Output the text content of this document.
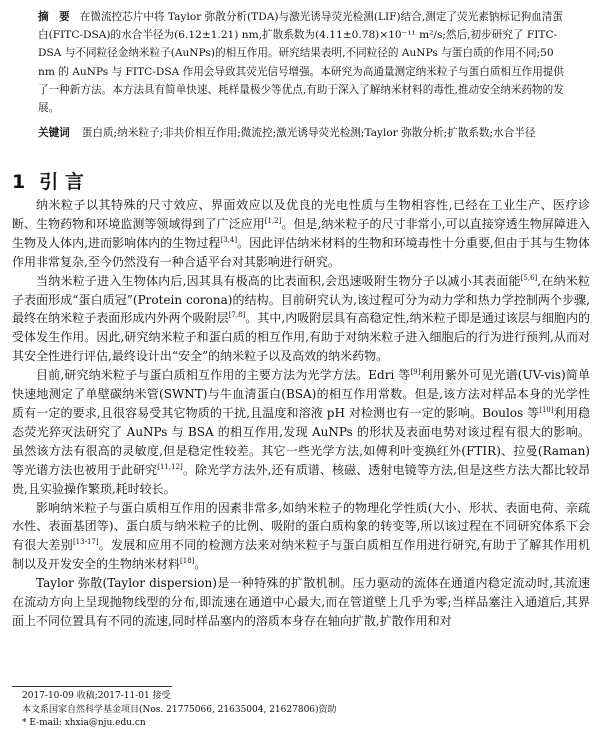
摘　要 在微流控芯片中将 Taylor 弥散分析(TDA)与激光诱导荧光检测(LIF)结合,测定了荧光素钠标记狗血清蛋白(FITC-DSA)的水合半径为(6.12±1.21) nm,扩散系数为(4.11±0.78)×10⁻¹¹ m²/s;然后,初步研究了 FITC-DSA 与不同粒径金纳米粒子(AuNPs)的相互作用。研究结果表明,不同粒径的 AuNPs 与蛋白质的作用不同;50 nm 的 AuNPs 与 FITC-DSA 作用会导致其荧光信号增强。本研究为高通量测定纳米粒子与蛋白质相互作用提供了一种新方法。本方法具有简单快速、耗样量极少等优点,有助于深入了解纳米材料的毒性,推动安全纳米药物的发展。
关键词 蛋白质;纳米粒子;非共价相互作用;微流控;激光诱导荧光检测;Taylor 弥散分析;扩散系数;水合半径
1 引 言

纳米粒子以其特殊的尺寸效应、界面效应以及优良的光电性质与生物相容性,已经在工业生产、医疗诊断、生物药物和环境监测等领域得到了广泛应用[1,2]。但是,纳米粒子的尺寸非常小,可以直接穿透生物屏障进入生物及人体内,进而影响体内的生物过程[3,4]。因此评估纳米材料的生物和环境毒性十分重要,但由于其与生物体作用非常复杂,至今仍然没有一种合适平台对其影响进行研究。

当纳米粒子进入生物体内后,因其具有极高的比表面积,会迅速吸附生物分子以减小其表面能[5,6],在纳米粒子表面形成“蛋白质冠”(Protein corona)的结构。目前研究认为,该过程可分为动力学和热力学控制两个步骤,最终在纳米粒子表面形成内外两个吸附层[7,8]。其中,内吸附层具有高稳定性,纳米粒子即是通过该层与细胞内的受体发生作用。因此,研究纳米粒子和蛋白质的相互作用,有助于对纳米粒子进入细胞后的行为进行预判,从而对其安全性进行评估,最终设计出“安全”的纳米粒子以及高效的纳米药物。

目前,研究纳米粒子与蛋白质相互作用的主要方法为光学方法。Edri 等[9]利用紫外可见光谱(UV-vis)简单快速地测定了单壁碳纳米管(SWNT)与牛血清蛋白(BSA)的相互作用常数。但是,该方法对样品本身的光学性质有一定的要求,且很容易受其它物质的干扰,且温度和溶液 pH 对检测也有一定的影响。Boulos 等[10]利用稳态荧光猝灭法研究了 AuNPs 与 BSA 的相互作用,发现 AuNPs 的形状及表面电势对该过程有很大的影响。虽然该方法有很高的灵敏度,但是稳定性较差。其它一些光学方法,如傅利叶变换红外(FTIR)、拉曼(Raman)等光谱方法也被用于此研究[11,12]。除光学方法外,还有质谱、核磁、透射电镜等方法,但是这些方法大都比较昂贵,且实验操作繁琐,耗时较长。

影响纳米粒子与蛋白质相互作用的因素非常多,如纳米粒子的物理化学性质(大小、形状、表面电荷、亲疏水性、表面基团等)、蛋白质与纳米粒子的比例、吸附的蛋白质构象的转变等,所以该过程在不同研究体系下会有很大差别[13-17]。发展和应用不同的检测方法来对纳米粒子与蛋白质相互作用进行研究,有助于了解其作用机制以及开发安全的生物纳米材料[18]。

Taylor 弥散(Taylor dispersion)是一种特殊的扩散机制。压力驱动的流体在通道内稳定流动时,其流速在流动方向上呈现抛物线型的分布,即流速在通道中心最大,而在管道壁上几乎为零;当样品塞注入通道后,其界面上不同位置具有不同的流速,同时样品塞内的溶质本身存在轴向扩散,扩散作用和对

2017-10-09 收稿;2017-11-01 接受
本文系国家自然科学基金项目(Nos. 21775066, 21635004, 21627806)资助
* E-mail: xhxia@nju.edu.cn
